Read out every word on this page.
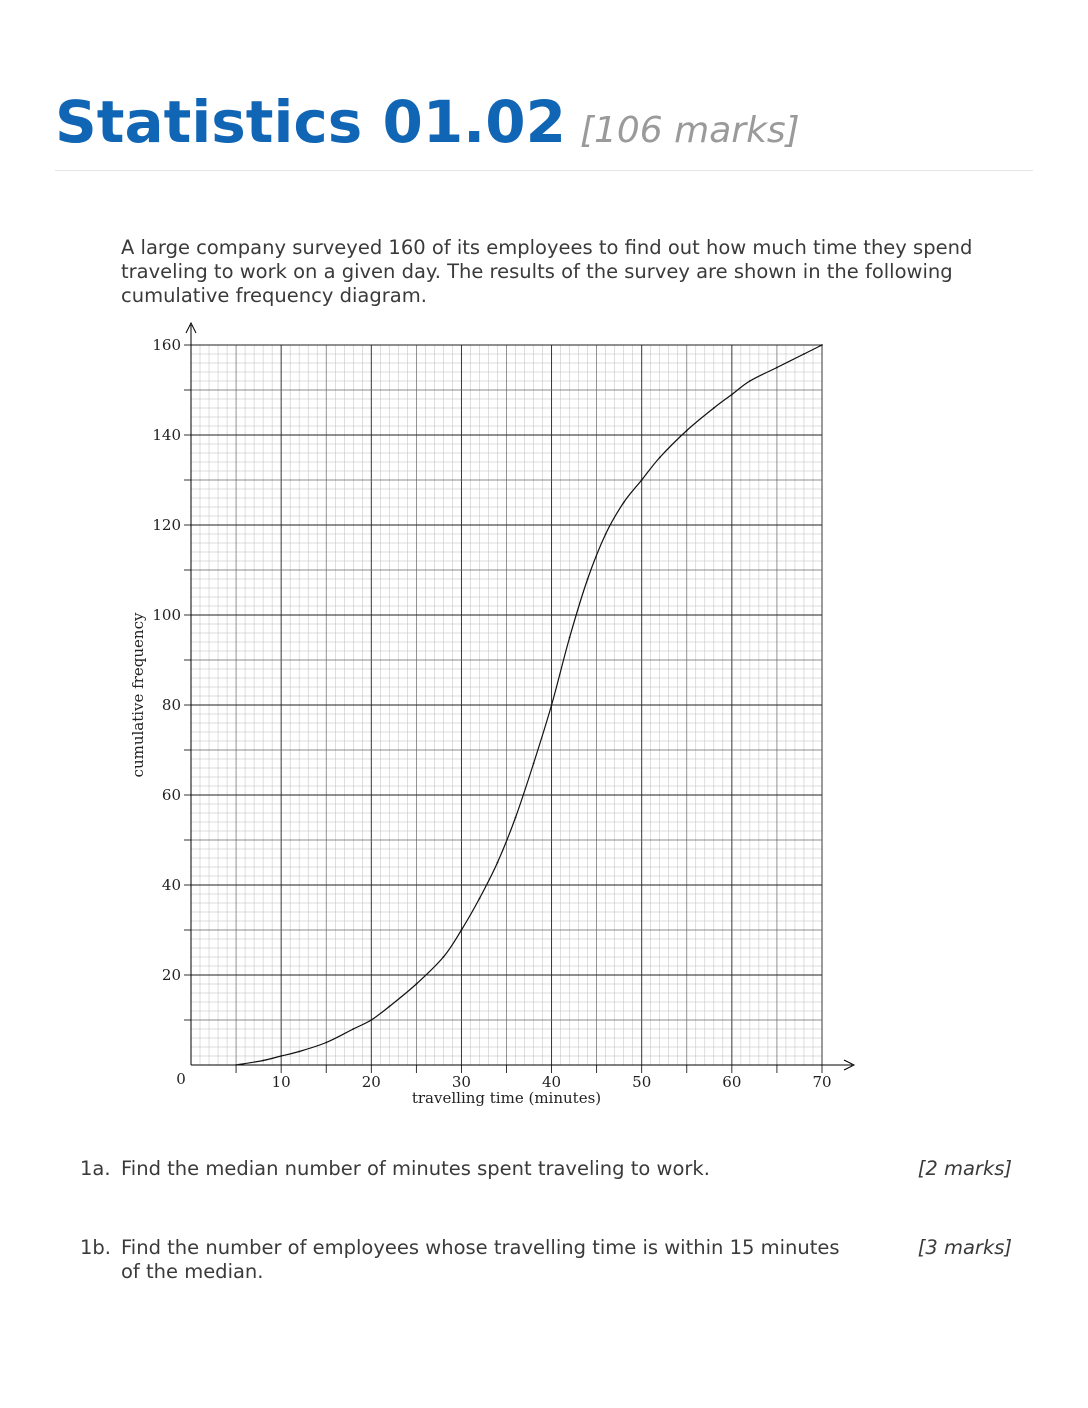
Statistics 01.02 [106 marks]

A large company surveyed 160 of its employees to find out how much time they spend traveling to work on a given day. The results of the survey are shown in the following cumulative frequency diagram.

10	20	30	40	50	60	70
20
40
60
80
100
120
140
160
travelling time (minutes)
cumulative frequency
0
1a. Find the median number of minutes spent traveling to work.	[2 marks]
1b. Find the number of employees whose travelling time is within 15 minutes of the median.
[3 marks]
